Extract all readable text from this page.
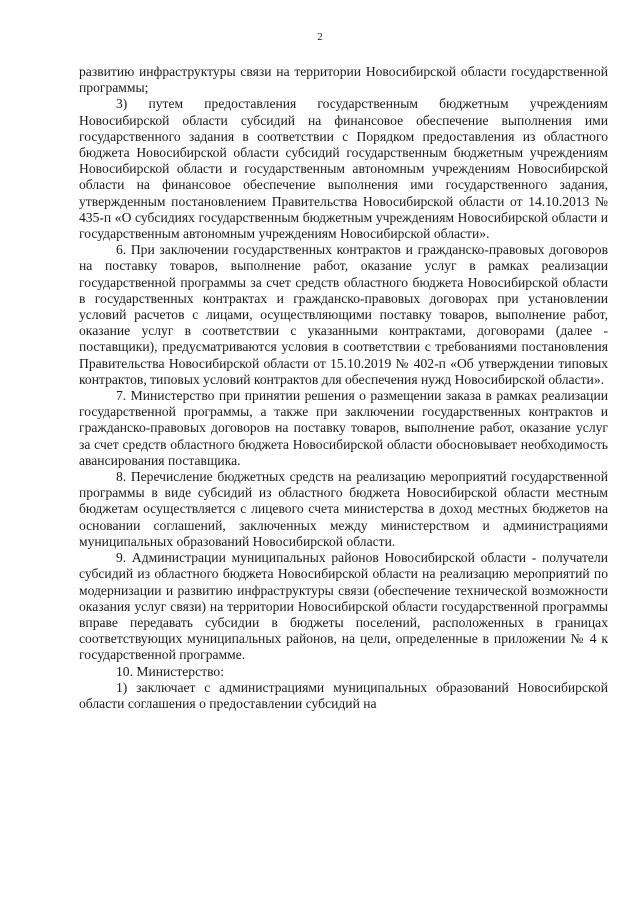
2

развитию инфраструктуры связи на территории Новосибирской области государственной программы;

3) путем предоставления государственным бюджетным учреждениям Новосибирской области субсидий на финансовое обеспечение выполнения ими государственного задания в соответствии с Порядком предоставления из областного бюджета Новосибирской области субсидий государственным бюджетным учреждениям Новосибирской области и государственным автономным учреждениям Новосибирской области на финансовое обеспечение выполнения ими государственного задания, утвержденным постановлением Правительства Новосибирской области от 14.10.2013 № 435-п «О субсидиях государственным бюджетным учреждениям Новосибирской области и государственным автономным учреждениям Новосибирской области».

6. При заключении государственных контрактов и гражданско-правовых договоров на поставку товаров, выполнение работ, оказание услуг в рамках реализации государственной программы за счет средств областного бюджета Новосибирской области в государственных контрактах и гражданско-правовых договорах при установлении условий расчетов с лицами, осуществляющими поставку товаров, выполнение работ, оказание услуг в соответствии с указанными контрактами, договорами (далее - поставщики), предусматриваются условия в соответствии с требованиями постановления Правительства Новосибирской области от 15.10.2019 № 402-п «Об утверждении типовых контрактов, типовых условий контрактов для обеспечения нужд Новосибирской области».

7. Министерство при принятии решения о размещении заказа в рамках реализации государственной программы, а также при заключении государственных контрактов и гражданско-правовых договоров на поставку товаров, выполнение работ, оказание услуг за счет средств областного бюджета Новосибирской области обосновывает необходимость авансирования поставщика.

8. Перечисление бюджетных средств на реализацию мероприятий государственной программы в виде субсидий из областного бюджета Новосибирской области местным бюджетам осуществляется с лицевого счета министерства в доход местных бюджетов на основании соглашений, заключенных между министерством и администрациями муниципальных образований Новосибирской области.

9. Администрации муниципальных районов Новосибирской области - получатели субсидий из областного бюджета Новосибирской области на реализацию мероприятий по модернизации и развитию инфраструктуры связи (обеспечение технической возможности оказания услуг связи) на территории Новосибирской области государственной программы вправе передавать субсидии в бюджеты поселений, расположенных в границах соответствующих муниципальных районов, на цели, определенные в приложении № 4 к государственной программе.

10. Министерство:

1) заключает с администрациями муниципальных образований Новосибирской области соглашения о предоставлении субсидий на
